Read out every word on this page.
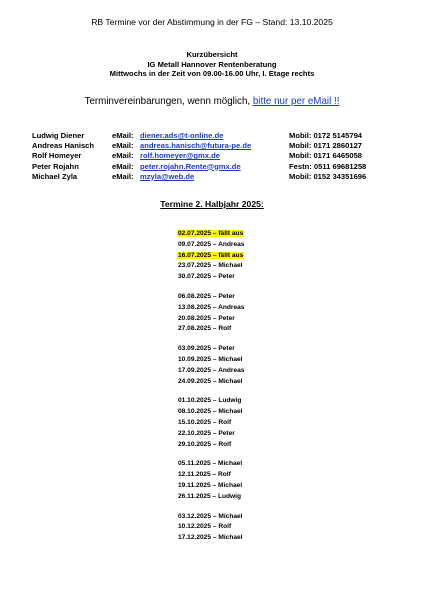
RB Termine vor der Abstimmung in der FG – Stand: 13.10.2025
Kurzübersicht
IG Metall Hannover Rentenberatung
Mittwochs in der Zeit von 09.00-16.00 Uhr, I. Etage rechts
Terminvereinbarungen, wenn möglich, bitte nur per eMail !!
Ludwig Diener	eMail: diener.ads@t-online.de	Mobil: 0172 5145794
Andreas Hanisch eMail: andreas.hanisch@futura-pe.de	Mobil: 0171 2860127
Rolf Homeyer	eMail: rolf.homeyer@gmx.de	Mobil: 0171 6465058
Peter Rojahn	eMail: peter.rojahn.Rente@gmx.de	Festn: 0511 69681258
Michael Zyla	eMail: mzyla@web.de	Mobil: 0152 34351696
Termine 2. Halbjahr 2025:
02.07.2025 – fällt aus
09.07.2025 – Andreas
16.07.2025 – fällt aus
23.07.2025 – Michael
30.07.2025 – Peter
06.08.2025 – Peter
13.08.2025 – Andreas
20.08.2025 – Peter
27.08.2025 – Rolf
03.09.2025 – Peter
10.09.2025 – Michael
17.09.2025 – Andreas
24.09.2025 – Michael
01.10.2025 – Ludwig
08.10.2025 – Michael
15.10.2025 – Rolf
22.10.2025 – Peter
29.10.2025 – Rolf
05.11.2025 – Michael
12.11.2025 – Rolf
19.11.2025 – Michael
26.11.2025 – Ludwig
03.12.2025 – Michael
10.12.2025 – Rolf
17.12.2025 – Michael
